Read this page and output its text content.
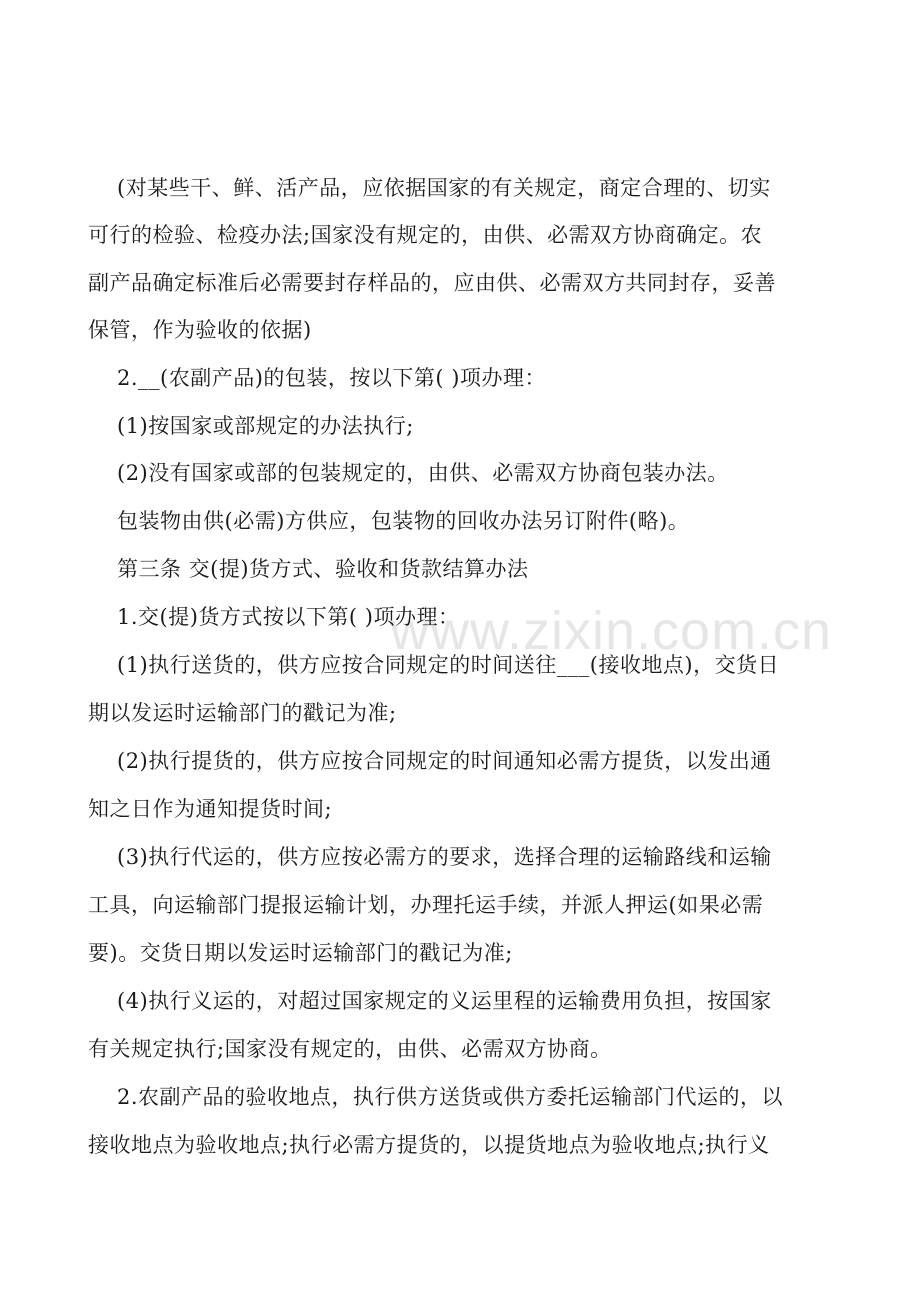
www.zixin.com.cn
(对某些干、鲜、活产品，应依据国家的有关规定，商定合理的、切实
可行的检验、检疫办法;国家没有规定的，由供、必需双方协商确定。农
副产品确定标准后必需要封存样品的，应由供、必需双方共同封存，妥善
保管，作为验收的依据)
2.__(农副产品)的包装，按以下第( )项办理：
(1)按国家或部规定的办法执行;
(2)没有国家或部的包装规定的，由供、必需双方协商包装办法。
包装物由供(必需)方供应，包装物的回收办法另订附件(略)。
第三条 交(提)货方式、验收和货款结算办法
1.交(提)货方式按以下第( )项办理：
(1)执行送货的，供方应按合同规定的时间送往___(接收地点)，交货日
期以发运时运输部门的戳记为准;
(2)执行提货的，供方应按合同规定的时间通知必需方提货，以发出通
知之日作为通知提货时间;
(3)执行代运的，供方应按必需方的要求，选择合理的运输路线和运输
工具，向运输部门提报运输计划，办理托运手续，并派人押运(如果必需
要)。交货日期以发运时运输部门的戳记为准;
(4)执行义运的，对超过国家规定的义运里程的运输费用负担，按国家
有关规定执行;国家没有规定的，由供、必需双方协商。
2.农副产品的验收地点，执行供方送货或供方委托运输部门代运的，以
接收地点为验收地点;执行必需方提货的，以提货地点为验收地点;执行义
